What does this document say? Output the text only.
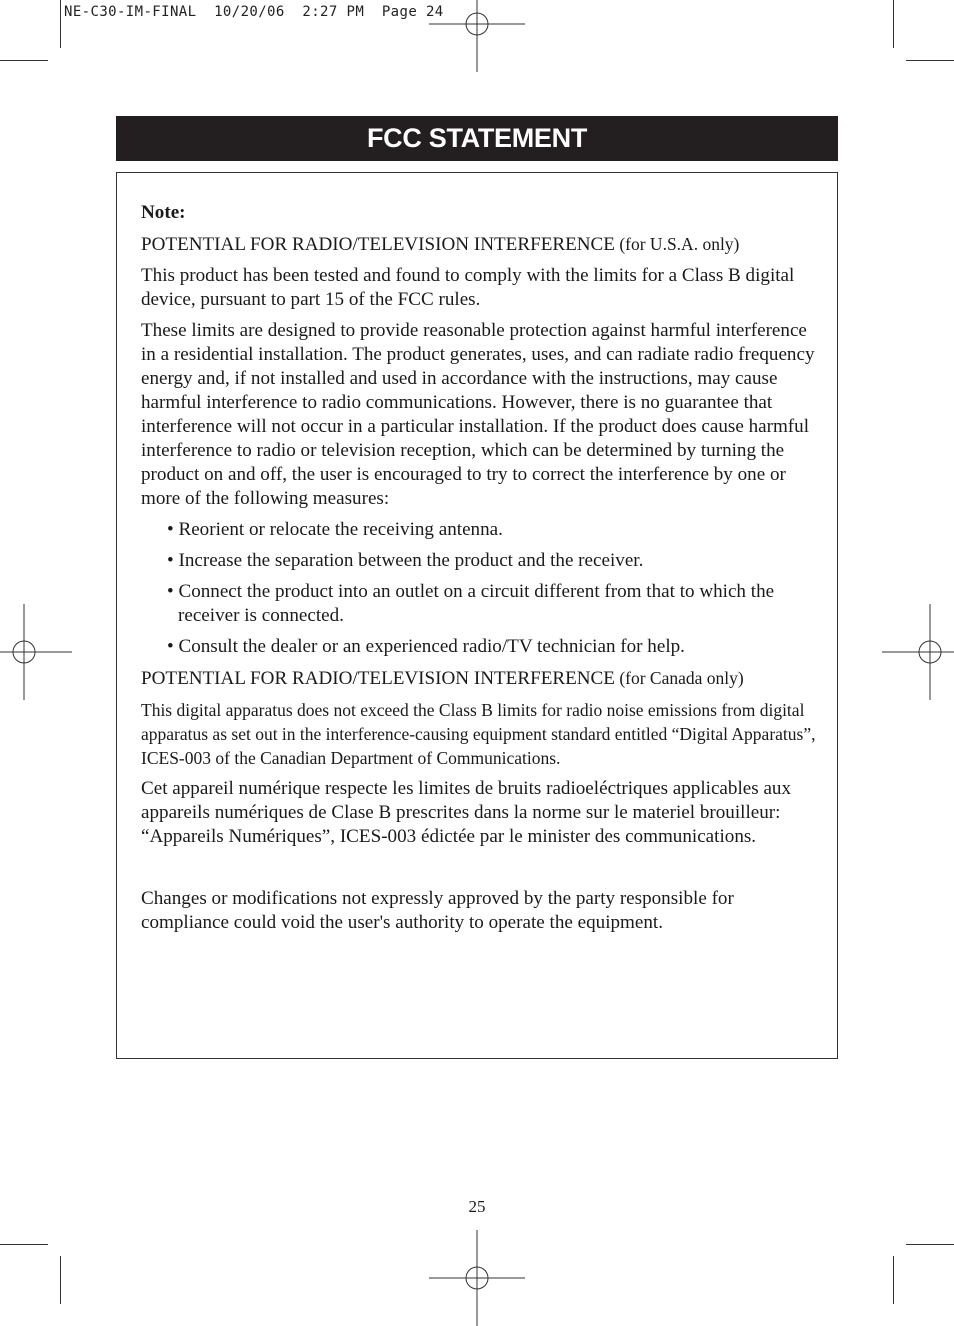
NE-C30-IM-FINAL  10/20/06  2:27 PM  Page 24
FCC STATEMENT

Note:

POTENTIAL FOR RADIO/TELEVISION INTERFERENCE (for U.S.A. only)

This product has been tested and found to comply with the limits for a Class B digital device, pursuant to part 15 of the FCC rules.

These limits are designed to provide reasonable protection against harmful interference in a residential installation. The product generates, uses, and can radiate radio frequency energy and, if not installed and used in accordance with the instructions, may cause harmful interference to radio communications. However, there is no guarantee that interference will not occur in a particular installation. If the product does cause harmful interference to radio or television reception, which can be determined by turning the product on and off, the user is encouraged to try to correct the interference by one or more of the following measures:

• Reorient or relocate the receiving antenna.

• Increase the separation between the product and the receiver.

• Connect the product into an outlet on a circuit different from that to which the receiver is connected.

• Consult the dealer or an experienced radio/TV technician for help.

POTENTIAL FOR RADIO/TELEVISION INTERFERENCE (for Canada only)

This digital apparatus does not exceed the Class B limits for radio noise emissions from digital apparatus as set out in the interference-causing equipment standard entitled “Digital Apparatus”, ICES-003 of the Canadian Department of Communications.

Cet appareil numérique respecte les limites de bruits radioeléctriques applicables aux appareils numériques de Clase B prescrites dans la norme sur le materiel brouilleur: “Appareils Numériques”, ICES-003 édictée par le minister des communications.

Changes or modifications not expressly approved by the party responsible for compliance could void the user's authority to operate the equipment.

25
